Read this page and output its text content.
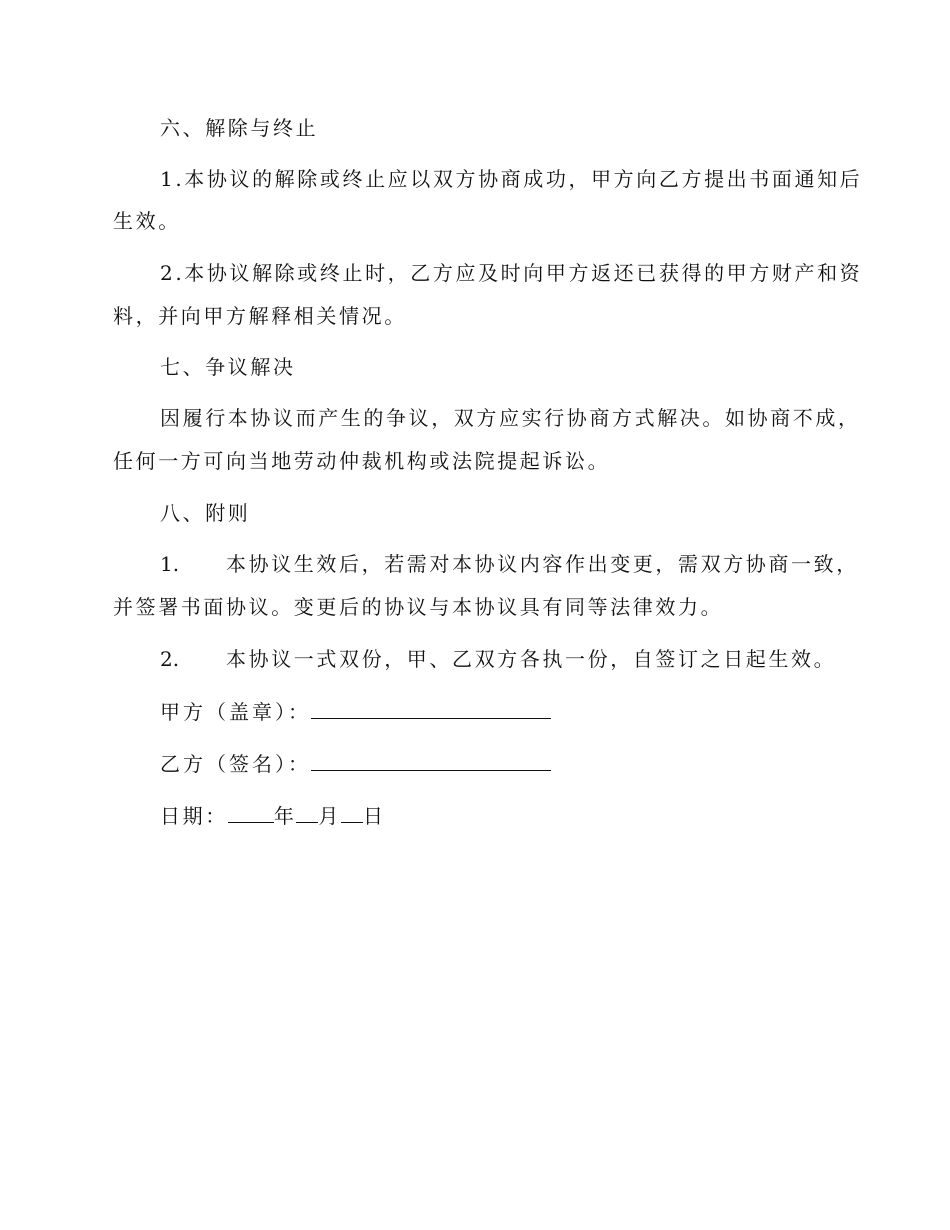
六、解除与终止
1.本协议的解除或终止应以双方协商成功，甲方向乙方提出书面通知后
生效。
2.本协议解除或终止时，乙方应及时向甲方返还已获得的甲方财产和资
料，并向甲方解释相关情况。
七、争议解决
因履行本协议而产生的争议，双方应实行协商方式解决。如协商不成，
任何一方可向当地劳动仲裁机构或法院提起诉讼。
八、附则
1. 本协议生效后，若需对本协议内容作出变更，需双方协商一致，
并签署书面协议。变更后的协议与本协议具有同等法律效力。
2. 本协议一式双份，甲、乙双方各执一份，自签订之日起生效。
甲方（盖章）：
乙方（签名）：
日期： 年 月 日
